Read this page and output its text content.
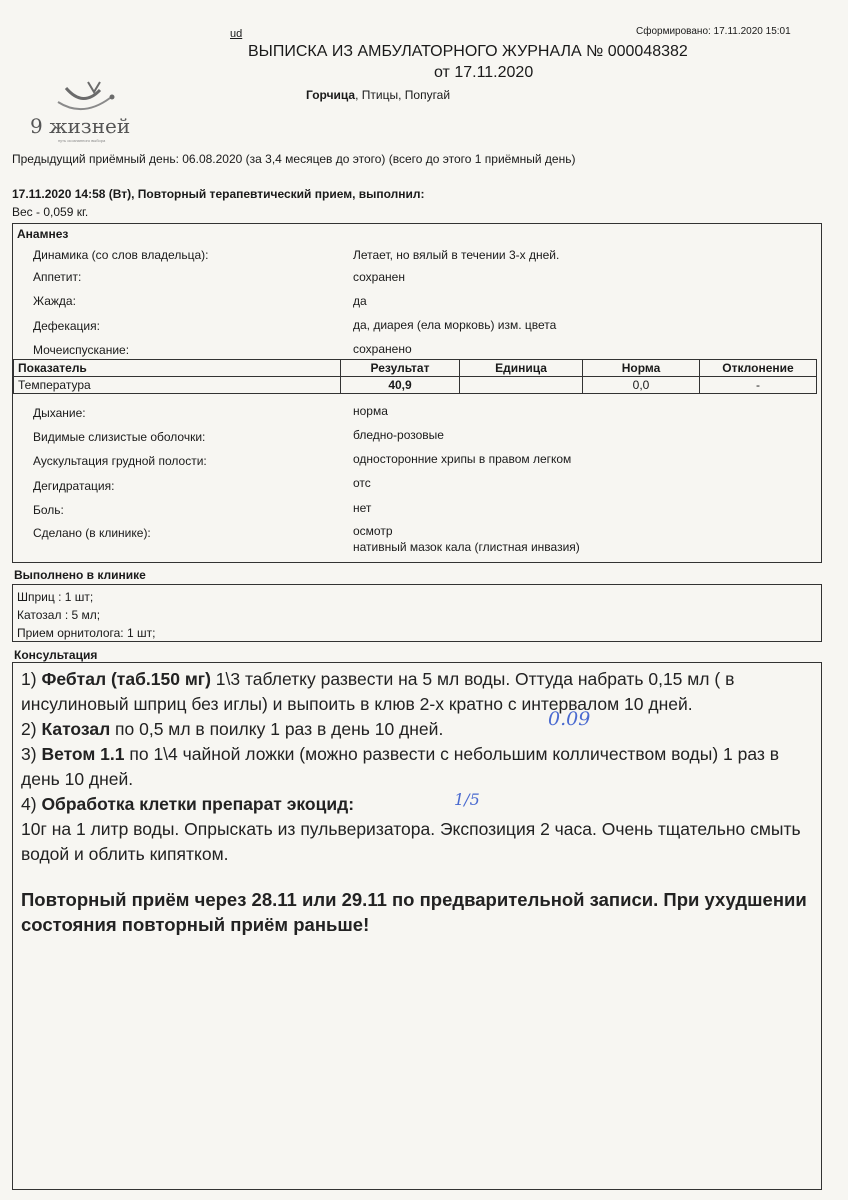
ud	Сформировано: 17.11.2020 15:01
ВЫПИСКА ИЗ АМБУЛАТОРНОГО ЖУРНАЛА № 000048382
от 17.11.2020
Горчица, Птицы, Попугай
9 жизней
путь осознанного выбора
Предыдущий приёмный день: 06.08.2020 (за 3,4 месяцев до этого) (всего до этого 1 приёмный день)
17.11.2020 14:58 (Вт), Повторный терапевтический прием, выполнил:
Вес - 0,059 кг.
Анамнез
Динамика (со слов владельца):	Летает, но вялый в течении 3-х дней.
Аппетит:	сохранен
Жажда:	да
Дефекация:	да, диарея (ела морковь) изм. цвета
Мочеиспускание:	сохранено
Показатель	Результат	Единица	Норма	Отклонение
Температура	40,9		0,0	-
Дыхание:	норма
Видимые слизистые оболочки:	бледно-розовые
Аускультация грудной полости:	односторонние хрипы в правом легком
Дегидратация:	отс
Боль:	нет
Сделано (в клинике):	осмотр
нативный мазок кала (глистная инвазия)
Выполнено в клинике
Шприц : 1 шт;
Катозал : 5 мл;
Прием орнитолога: 1 шт;
Консультация

1) Фебтал (таб.150 мг) 1\3 таблетку развести на 5 мл воды. Оттуда набрать 0,15 мл ( в инсулиновый шприц без иглы) и выпоить в клюв 2-х кратно с интервалом 10 дней.

2) Катозал по 0,5 мл в поилку 1 раз в день 10 дней.

3) Ветом 1.1 по 1\4 чайной ложки (можно развести с небольшим колличеством воды) 1 раз в день 10 дней.

4) Обработка клетки препарат экоцид:

10г на 1 литр воды. Опрыскать из пульверизатора. Экспозиция 2 часа. Очень тщательно смыть водой и облить кипятком.

Повторный приём через 28.11 или 29.11 по предварительной записи. При ухудшении состояния повторный приём раньше!

0.09
1/5
